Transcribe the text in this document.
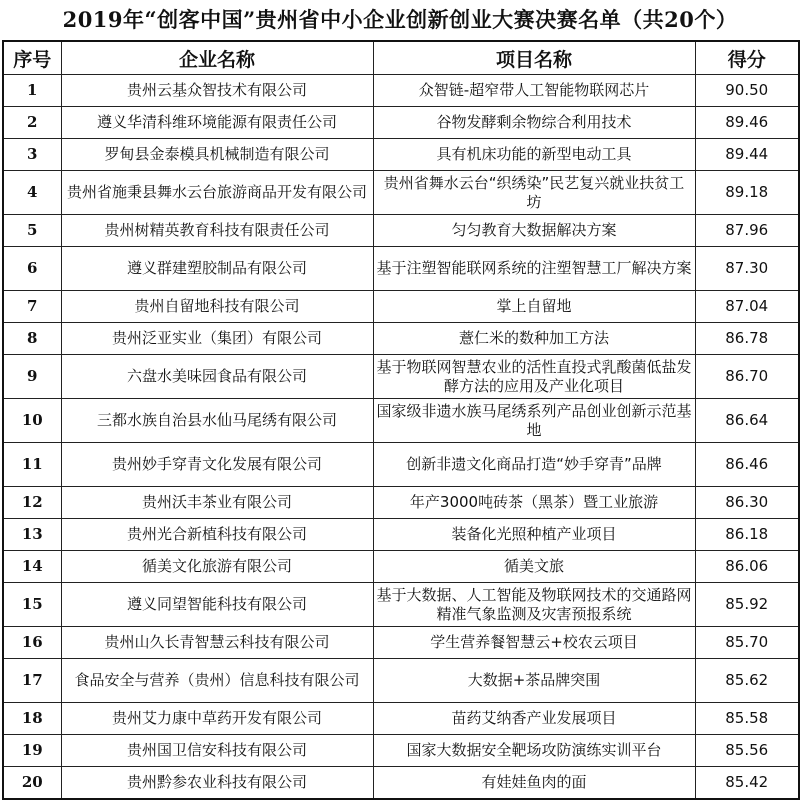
2019年“创客中国”贵州省中小企业创新创业大赛决赛名单（共20个）
序号	企业名称	项目名称	得分
1	贵州云基众智技术有限公司	众智链-超窄带人工智能物联网芯片	90.50
2	遵义华清科维环境能源有限责任公司	谷物发酵剩余物综合利用技术	89.46
3	罗甸县金泰模具机械制造有限公司	具有机床功能的新型电动工具	89.44
4	贵州省施秉县舞水云台旅游商品开发有限公司	贵州省舞水云台“织绣染”民艺复兴就业扶贫工坊	89.18
5	贵州树精英教育科技有限责任公司	匀匀教育大数据解决方案	87.96
6	遵义群建塑胶制品有限公司	基于注塑智能联网系统的注塑智慧工厂解决方案	87.30
7	贵州自留地科技有限公司	掌上自留地	87.04
8	贵州泛亚实业（集团）有限公司	薏仁米的数种加工方法	86.78
9	六盘水美味园食品有限公司	基于物联网智慧农业的活性直投式乳酸菌低盐发酵方法的应用及产业化项目	86.70
10	三都水族自治县水仙马尾绣有限公司	国家级非遗水族马尾绣系列产品创业创新示范基地	86.64
11	贵州妙手穿青文化发展有限公司	创新非遗文化商品打造“妙手穿青”品牌	86.46
12	贵州沃丰茶业有限公司	年产3000吨砖茶（黑茶）暨工业旅游	86.30
13	贵州光合新植科技有限公司	装备化光照种植产业项目	86.18
14	循美文化旅游有限公司	循美文旅	86.06
15	遵义同望智能科技有限公司	基于大数据、人工智能及物联网技术的交通路网精准气象监测及灾害预报系统	85.92
16	贵州山久长青智慧云科技有限公司	学生营养餐智慧云+校农云项目	85.70
17	食品安全与营养（贵州）信息科技有限公司	大数据+茶品牌突围	85.62
18	贵州艾力康中草药开发有限公司	苗药艾纳香产业发展项目	85.58
19	贵州国卫信安科技有限公司	国家大数据安全靶场攻防演练实训平台	85.56
20	贵州黔参农业科技有限公司	有娃娃鱼肉的面	85.42
